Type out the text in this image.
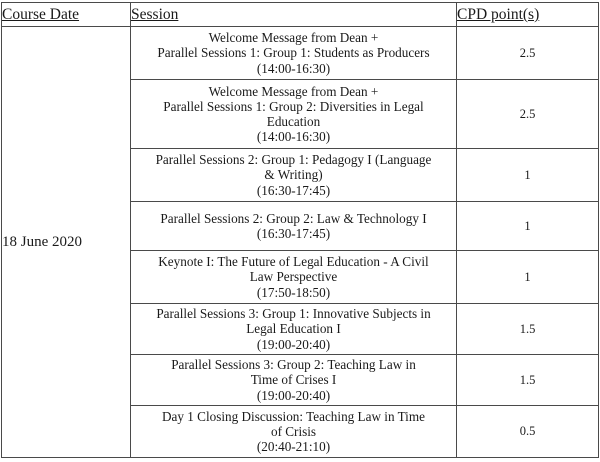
Course Date	Session	CPD point(s)
18 June 2020	Welcome Message from Dean +
Parallel Sessions 1: Group 1: Students as Producers
(14:00-16:30)	2.5

	Welcome Message from Dean +
Parallel Sessions 1: Group 2: Diversities in Legal
Education
(14:00-16:30)	2.5

	Parallel Sessions 2: Group 1: Pedagogy I (Language
& Writing)
(16:30-17:45)	1

	Parallel Sessions 2: Group 2: Law & Technology I
(16:30-17:45)	1

	Keynote I: The Future of Legal Education - A Civil
Law Perspective
(17:50-18:50)	1

	Parallel Sessions 3: Group 1: Innovative Subjects in
Legal Education I
(19:00-20:40)	1.5

	Parallel Sessions 3: Group 2: Teaching Law in
Time of Crises I
(19:00-20:40)	1.5

	Day 1 Closing Discussion: Teaching Law in Time
of Crisis
(20:40-21:10)	0.5
